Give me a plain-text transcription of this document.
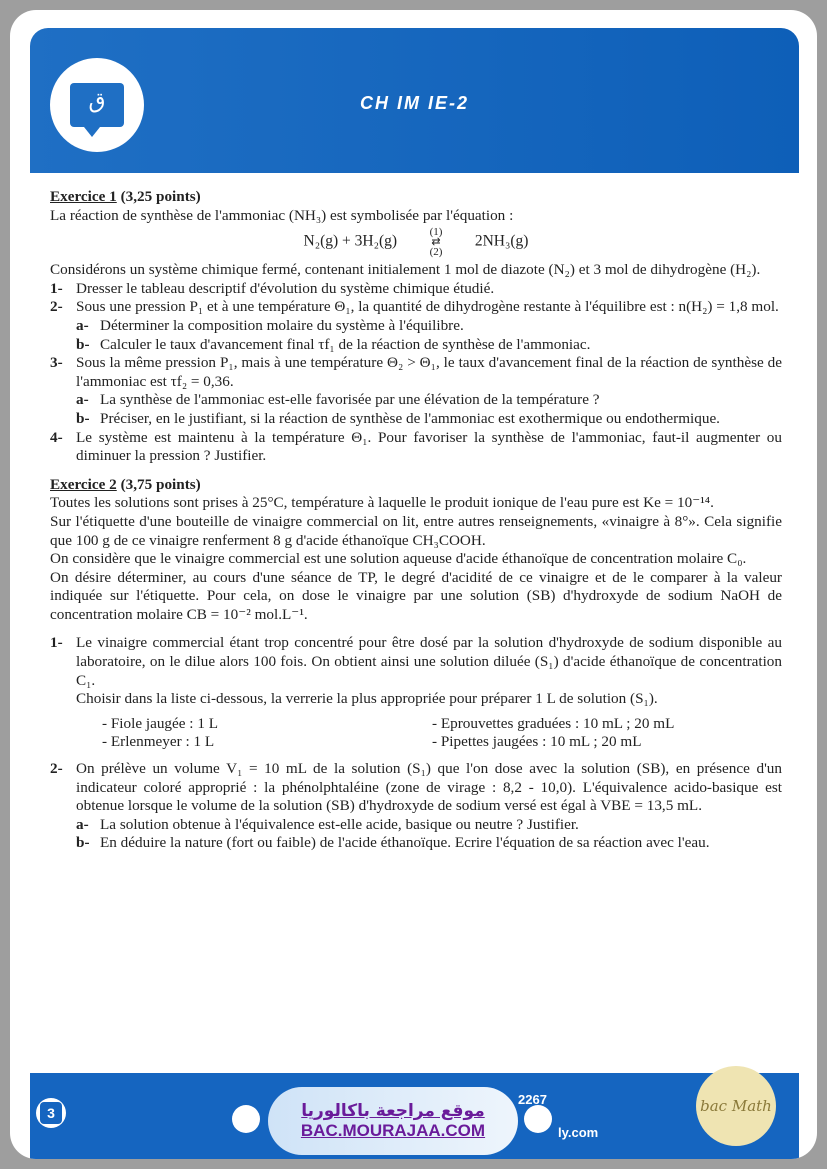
ق	CH IM IE-2

Exercice 1 (3,25 points)

La réaction de synthèse de l'ammoniac (NH₃) est symbolisée par l'équation :

N₂(g) + 3H₂(g) (1)
⇄
(2) 2NH₃(g)

Considérons un système chimique fermé, contenant initialement 1 mol de diazote (N₂) et 3 mol de dihydrogène (H₂).

1- Dresser le tableau descriptif d'évolution du système chimique étudié.
2- Sous une pression P₁ et à une température Θ₁, la quantité de dihydrogène restante à l'équilibre est : n(H₂) = 1,8 mol.
a- Déterminer la composition molaire du système à l'équilibre.
b- Calculer le taux d'avancement final τf₁ de la réaction de synthèse de l'ammoniac.
3- Sous la même pression P₁, mais à une température Θ₂ > Θ₁, le taux d'avancement final de la réaction de synthèse de l'ammoniac est τf₂ = 0,36.
a- La synthèse de l'ammoniac est-elle favorisée par une élévation de la température ?
b- Préciser, en le justifiant, si la réaction de synthèse de l'ammoniac est exothermique ou endothermique.
4- Le système est maintenu à la température Θ₁. Pour favoriser la synthèse de l'ammoniac, faut-il augmenter ou diminuer la pression ? Justifier.

Exercice 2 (3,75 points)

Toutes les solutions sont prises à 25°C, température à laquelle le produit ionique de l'eau pure est Ke = 10⁻¹⁴.

Sur l'étiquette d'une bouteille de vinaigre commercial on lit, entre autres renseignements, «vinaigre à 8°». Cela signifie que 100 g de ce vinaigre renferment 8 g d'acide éthanoïque CH₃COOH.

On considère que le vinaigre commercial est une solution aqueuse d'acide éthanoïque de concentration molaire C₀.

On désire déterminer, au cours d'une séance de TP, le degré d'acidité de ce vinaigre et de le comparer à la valeur indiquée sur l'étiquette. Pour cela, on dose le vinaigre par une solution (SB) d'hydroxyde de sodium NaOH de concentration molaire CB = 10⁻² mol.L⁻¹.

1- Le vinaigre commercial étant trop concentré pour être dosé par la solution d'hydroxyde de sodium disponible au laboratoire, on le dilue alors 100 fois. On obtient ainsi une solution diluée (S₁) d'acide éthanoïque de concentration C₁.
Choisir dans la liste ci-dessous, la verrerie la plus appropriée pour préparer 1 L de solution (S₁).
- Fiole jaugée : 1 L	- Eprouvettes graduées : 10 mL ; 20 mL
- Erlenmeyer : 1 L	- Pipettes jaugées : 10 mL ; 20 mL
2- On prélève un volume V₁ = 10 mL de la solution (S₁) que l'on dose avec la solution (SB), en présence d'un indicateur coloré approprié : la phénolphtaléine (zone de virage : 8,2 - 10,0). L'équivalence acido-basique est obtenue lorsque le volume de la solution (SB) d'hydroxyde de sodium versé est égal à VBE = 13,5 mL.
a- La solution obtenue à l'équivalence est-elle acide, basique ou neutre ? Justifier.
b- En déduire la nature (fort ou faible) de l'acide éthanoïque. Ecrire l'équation de sa réaction avec l'eau.
3
2267
ly.com
موقع مراجعة باكالوريا
BAC.MOURAJAA.COM
bac Math
